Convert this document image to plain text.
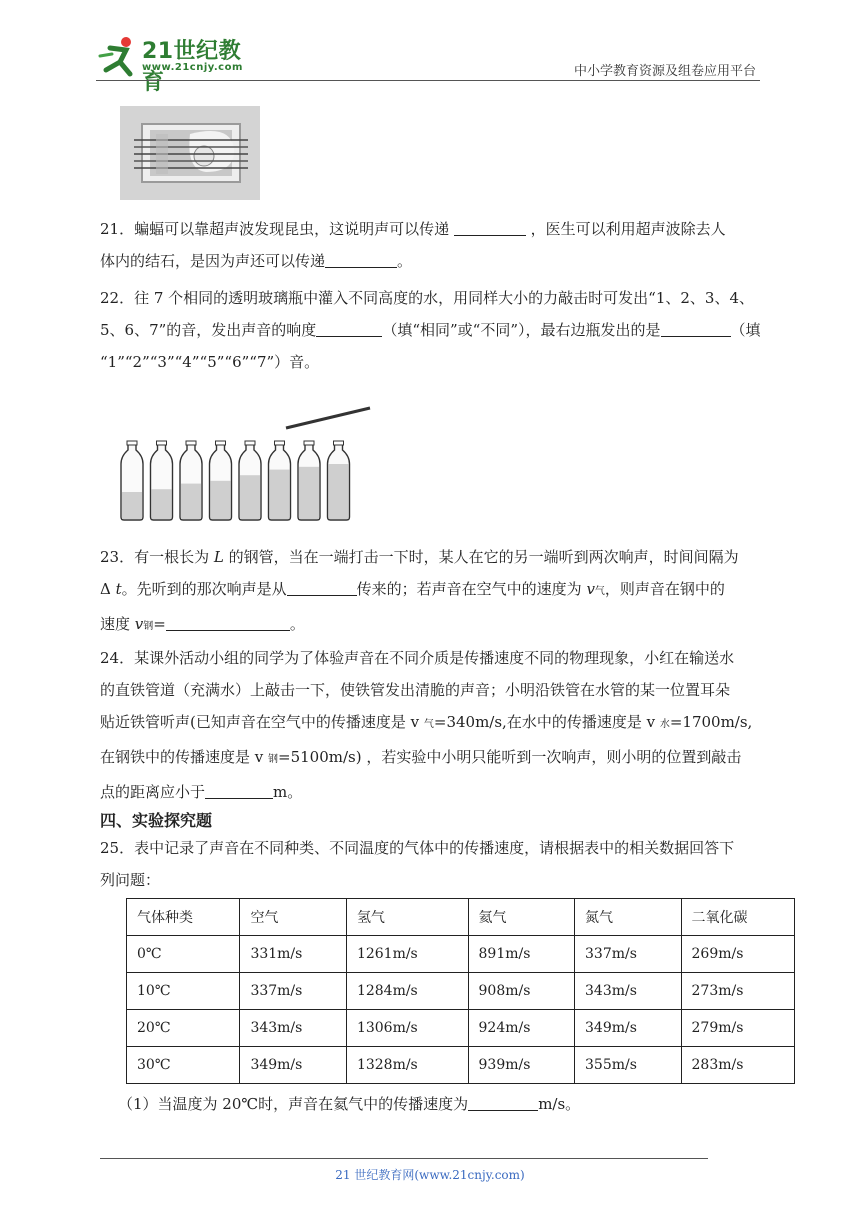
21世纪教育
www.21cnjy.com	中小学教育资源及组卷应用平台
21．蝙蝠可以靠超声波发现昆虫，这说明声可以传递	，医生可以利用超声波除去人
体内的结石，是因为声还可以传递	。
22．往 7 个相同的透明玻璃瓶中灌入不同高度的水，用同样大小的力敲击时可发出“1、2、3、4、
5、6、7”的音，发出声音的响度	（填“相同”或“不同”），最右边瓶发出的是	（填
“1”“2”“3”“4”“5”“6”“7”）音。
23．有一根长为 L 的钢管，当在一端打击一下时，某人在它的另一端听到两次响声，时间间隔为
Δ t。先听到的那次响声是从	传来的；若声音在空气中的速度为 v气，则声音在钢中的
速度 v钢=	。
24．某课外活动小组的同学为了体验声音在不同介质是传播速度不同的物理现象，小红在输送水
的直铁管道（充满水）上敲击一下，使铁管发出清脆的声音；小明沿铁管在水管的某一位置耳朵
贴近铁管听声(已知声音在空气中的传播速度是 v 气=340m/s,在水中的传播速度是 v 水=1700m/s,
在钢铁中的传播速度是 v 钢=5100m/s) ，若实验中小明只能听到一次响声，则小明的位置到敲击
点的距离应小于	m。
四、实验探究题
25．表中记录了声音在不同种类、不同温度的气体中的传播速度，请根据表中的相关数据回答下
列问题：
气体种类	空气	氢气	氦气	氮气	二氧化碳
0℃	331m/s	1261m/s	891m/s	337m/s	269m/s
10℃	337m/s	1284m/s	908m/s	343m/s	273m/s
20℃	343m/s	1306m/s	924m/s	349m/s	279m/s
30℃	349m/s	1328m/s	939m/s	355m/s	283m/s
（1）当温度为 20℃时，声音在氦气中的传播速度为	m/s。
21 世纪教育网(www.21cnjy.com)
